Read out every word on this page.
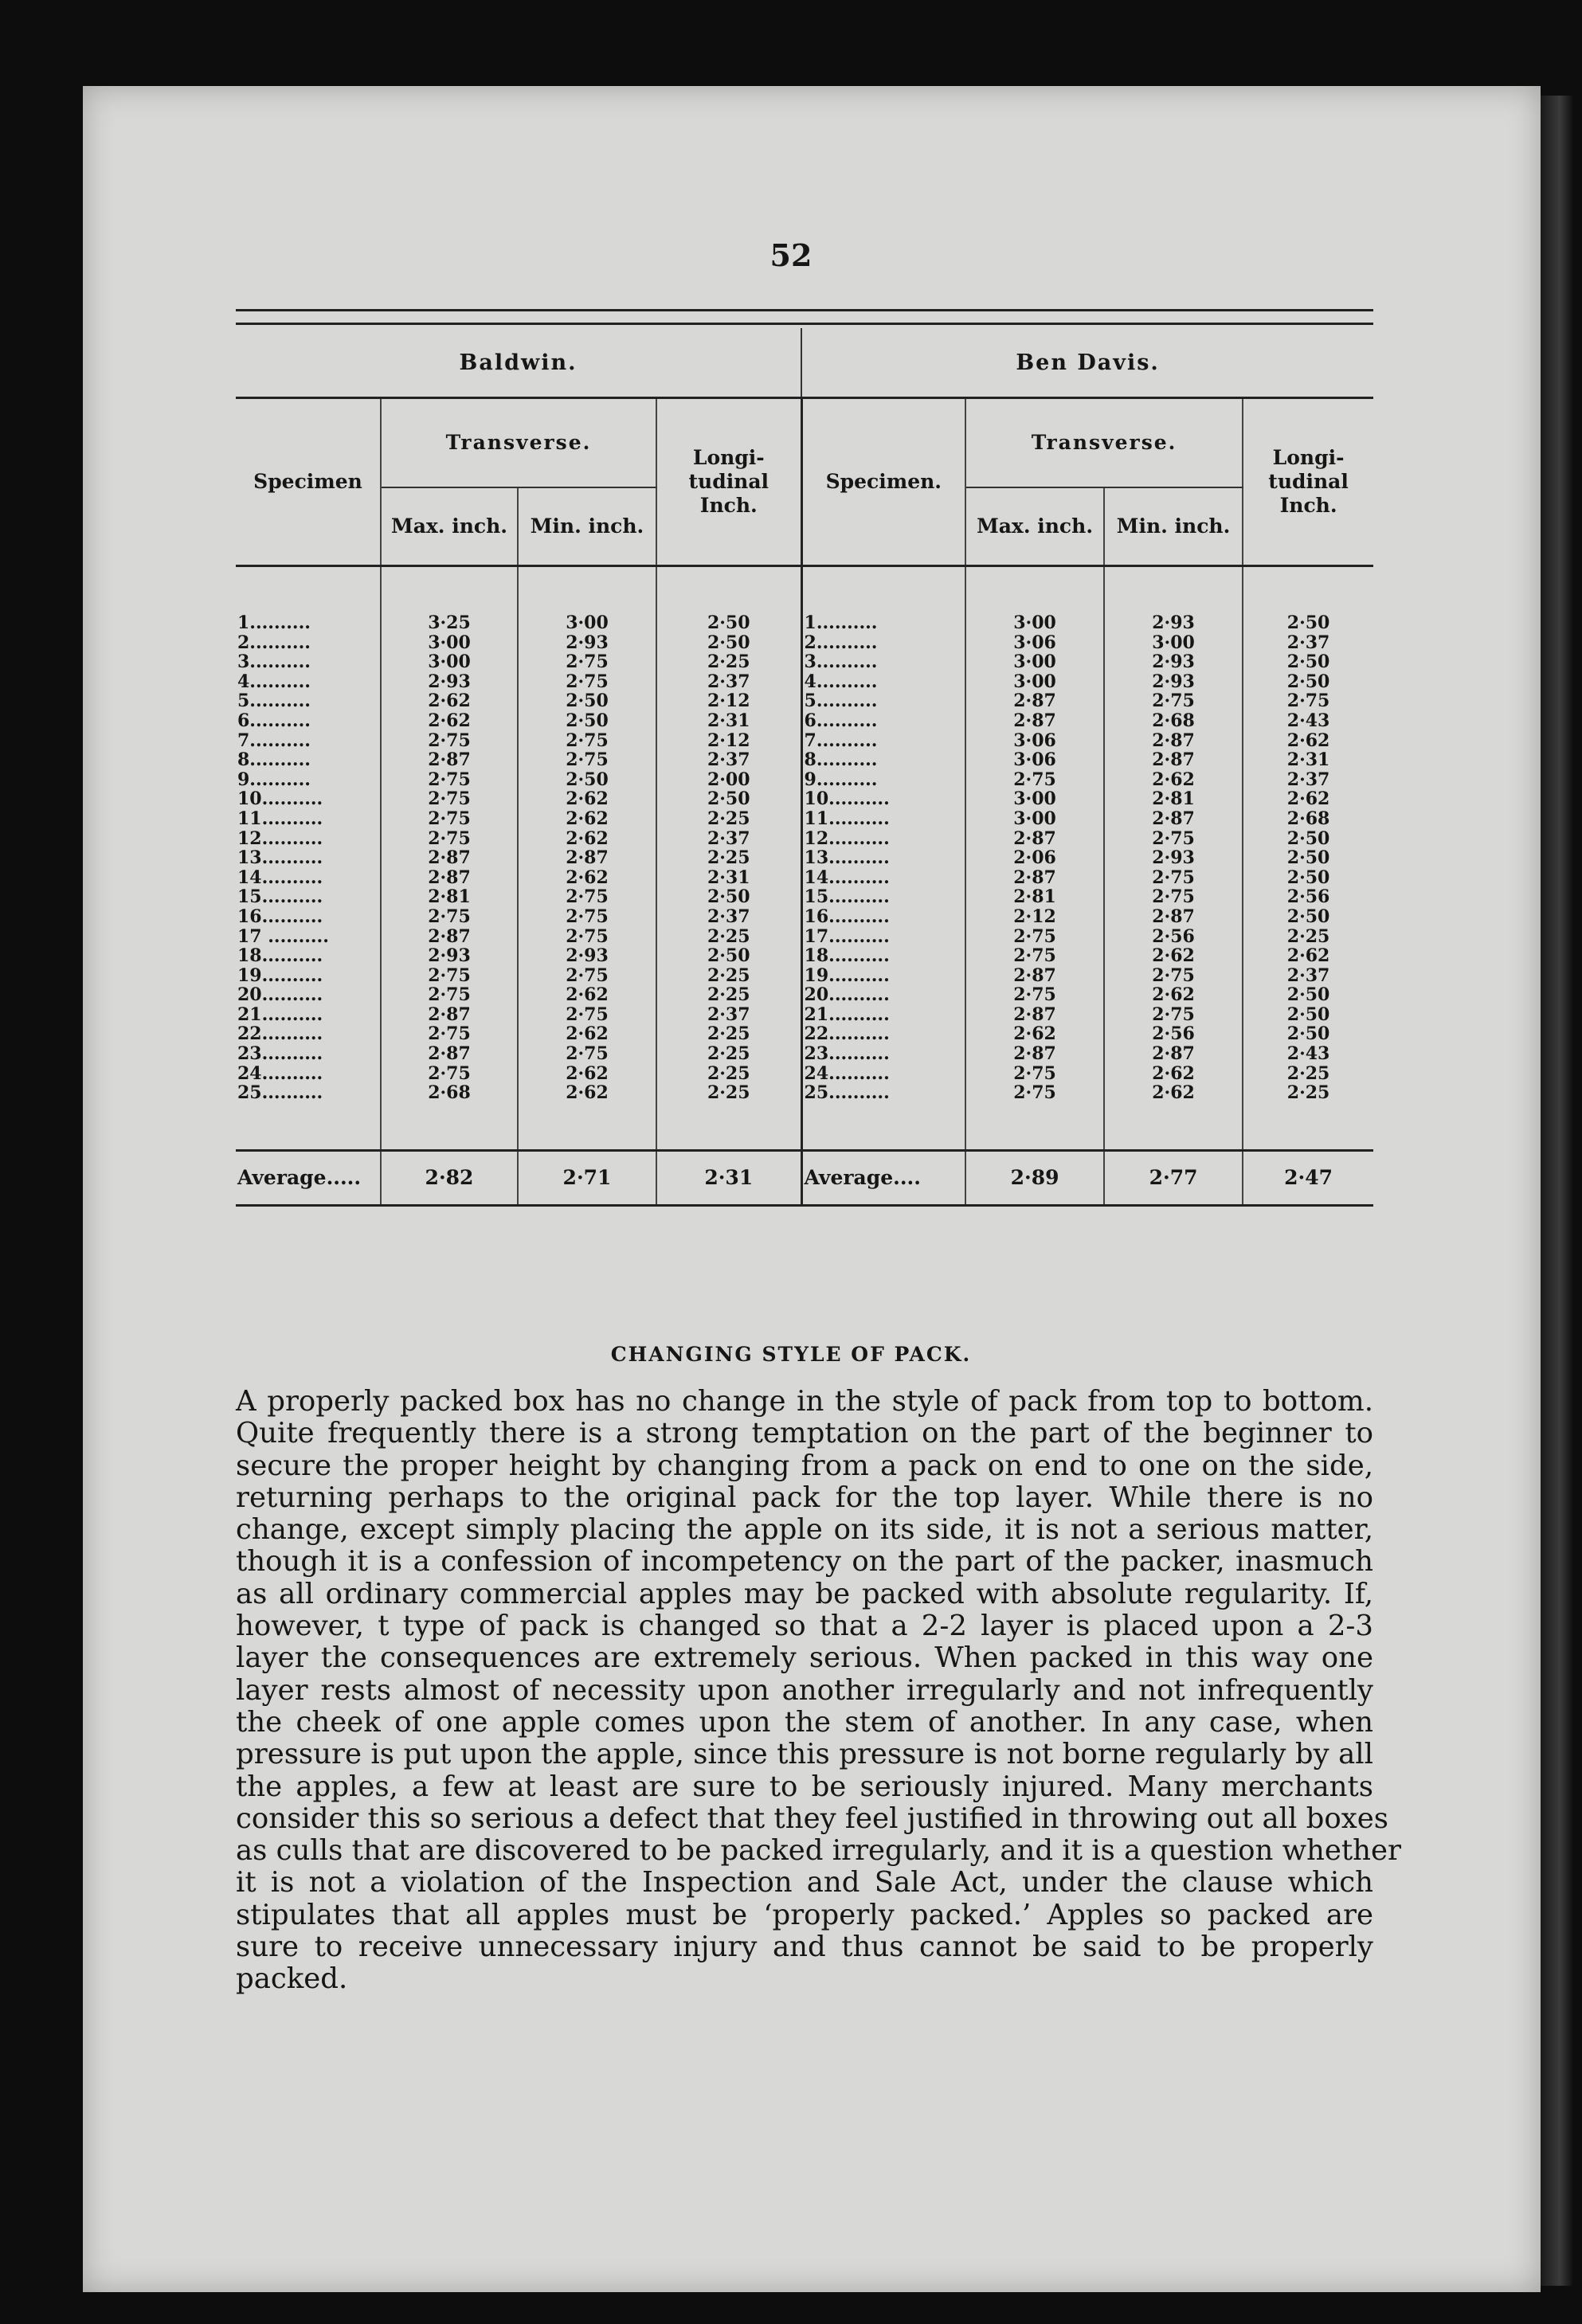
52
Baldwin.				Ben Davis.			

Specimen	Transverse.		Longi- tudinal Inch.	Specimen.	Transverse.		Longi- tudinal Inch.
	Max. inch.	Min. inch.			Max. inch.	Min. inch.	

1..........	3·25	3·00	2·50	1..........	3·00	2·93	2·50
2..........	3·00	2·93	2·50	2..........	3·06	3·00	2·37
3..........	3·00	2·75	2·25	3..........	3·00	2·93	2·50
4..........	2·93	2·75	2·37	4..........	3·00	2·93	2·50
5..........	2·62	2·50	2·12	5..........	2·87	2·75	2·75
6..........	2·62	2·50	2·31	6..........	2·87	2·68	2·43
7..........	2·75	2·75	2·12	7..........	3·06	2·87	2·62
8..........	2·87	2·75	2·37	8..........	3·06	2·87	2·31
9..........	2·75	2·50	2·00	9..........	2·75	2·62	2·37
10..........	2·75	2·62	2·50	10..........	3·00	2·81	2·62
11..........	2·75	2·62	2·25	11..........	3·00	2·87	2·68
12..........	2·75	2·62	2·37	12..........	2·87	2·75	2·50
13..........	2·87	2·87	2·25	13..........	2·06	2·93	2·50
14..........	2·87	2·62	2·31	14..........	2·87	2·75	2·50
15..........	2·81	2·75	2·50	15..........	2·81	2·75	2·56
16..........	2·75	2·75	2·37	16..........	2·12	2·87	2·50
17 ..........	2·87	2·75	2·25	17..........	2·75	2·56	2·25
18..........	2·93	2·93	2·50	18..........	2·75	2·62	2·62
19..........	2·75	2·75	2·25	19..........	2·87	2·75	2·37
20..........	2·75	2·62	2·25	20..........	2·75	2·62	2·50
21..........	2·87	2·75	2·37	21..........	2·87	2·75	2·50
22..........	2·75	2·62	2·25	22..........	2·62	2·56	2·50
23..........	2·87	2·75	2·25	23..........	2·87	2·87	2·43
24..........	2·75	2·62	2·25	24..........	2·75	2·62	2·25
25..........	2·68	2·62	2·25	25..........	2·75	2·62	2·25

Average.....	2·82	2·71	2·31	Average....	2·89	2·77	2·47
CHANGING STYLE OF PACK.
A properly packed box has no change in the style of pack from top to bottom.
Quite frequently there is a strong temptation on the part of the beginner to
secure the proper height by changing from a pack on end to one on the side,
returning perhaps to the original pack for the top layer. While there is no
change, except simply placing the apple on its side, it is not a serious matter,
though it is a confession of incompetency on the part of the packer, inasmuch
as all ordinary commercial apples may be packed with absolute regularity. If,
however, t type of pack is changed so that a 2-2 layer is placed upon a 2-3
layer the consequences are extremely serious. When packed in this way one
layer rests almost of necessity upon another irregularly and not infrequently
the cheek of one apple comes upon the stem of another. In any case, when
pressure is put upon the apple, since this pressure is not borne regularly by all
the apples, a few at least are sure to be seriously injured. Many merchants
consider this so serious a defect that they feel justified in throwing out all boxes
as culls that are discovered to be packed irregularly, and it is a question whether
it is not a violation of the Inspection and Sale Act, under the clause which
stipulates that all apples must be ‘properly packed.’ Apples so packed are
sure to receive unnecessary injury and thus cannot be said to be properly
packed.
